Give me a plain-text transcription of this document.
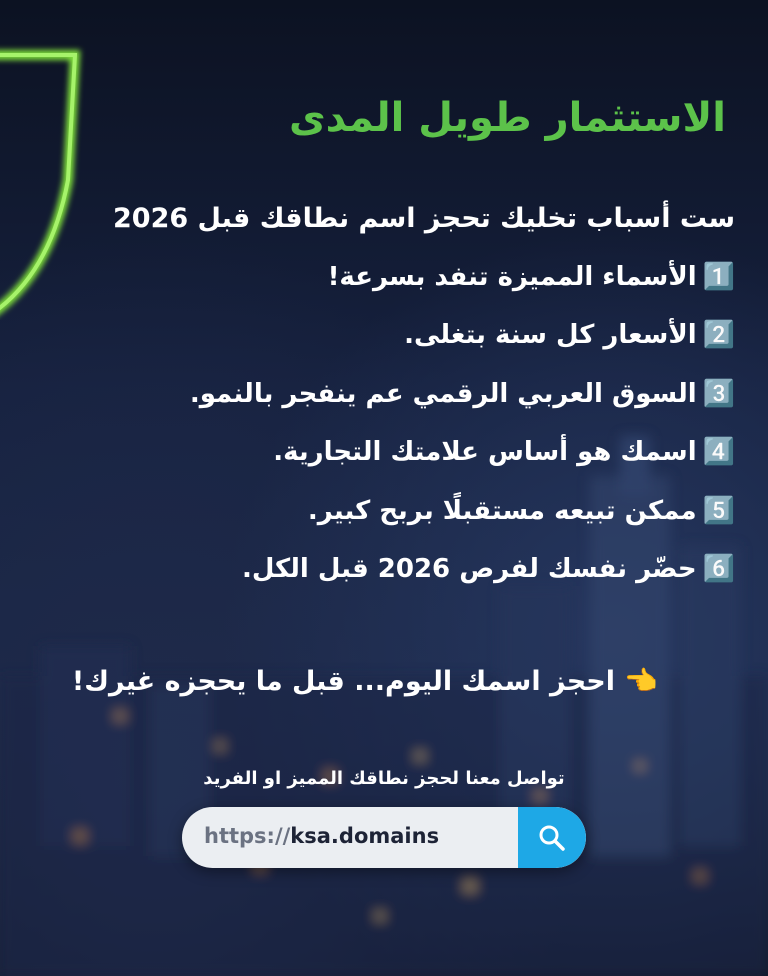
الاستثمار طويل المدى
ست أسباب تخليك تحجز اسم نطاقك قبل 2026
1️⃣الأسماء المميزة تنفد بسرعة!
2️⃣الأسعار كل سنة بتغلى.
3️⃣السوق العربي الرقمي عم ينفجر بالنمو.
4️⃣اسمك هو أساس علامتك التجارية.
5️⃣ممكن تبيعه مستقبلًا بربح كبير.
6️⃣حضّر نفسك لفرص 2026 قبل الكل.

👈 احجز اسمك اليوم... قبل ما يحجزه غيرك!

تواصل معنا لحجز نطاقك المميز او الفريد

https://ksa.domains
